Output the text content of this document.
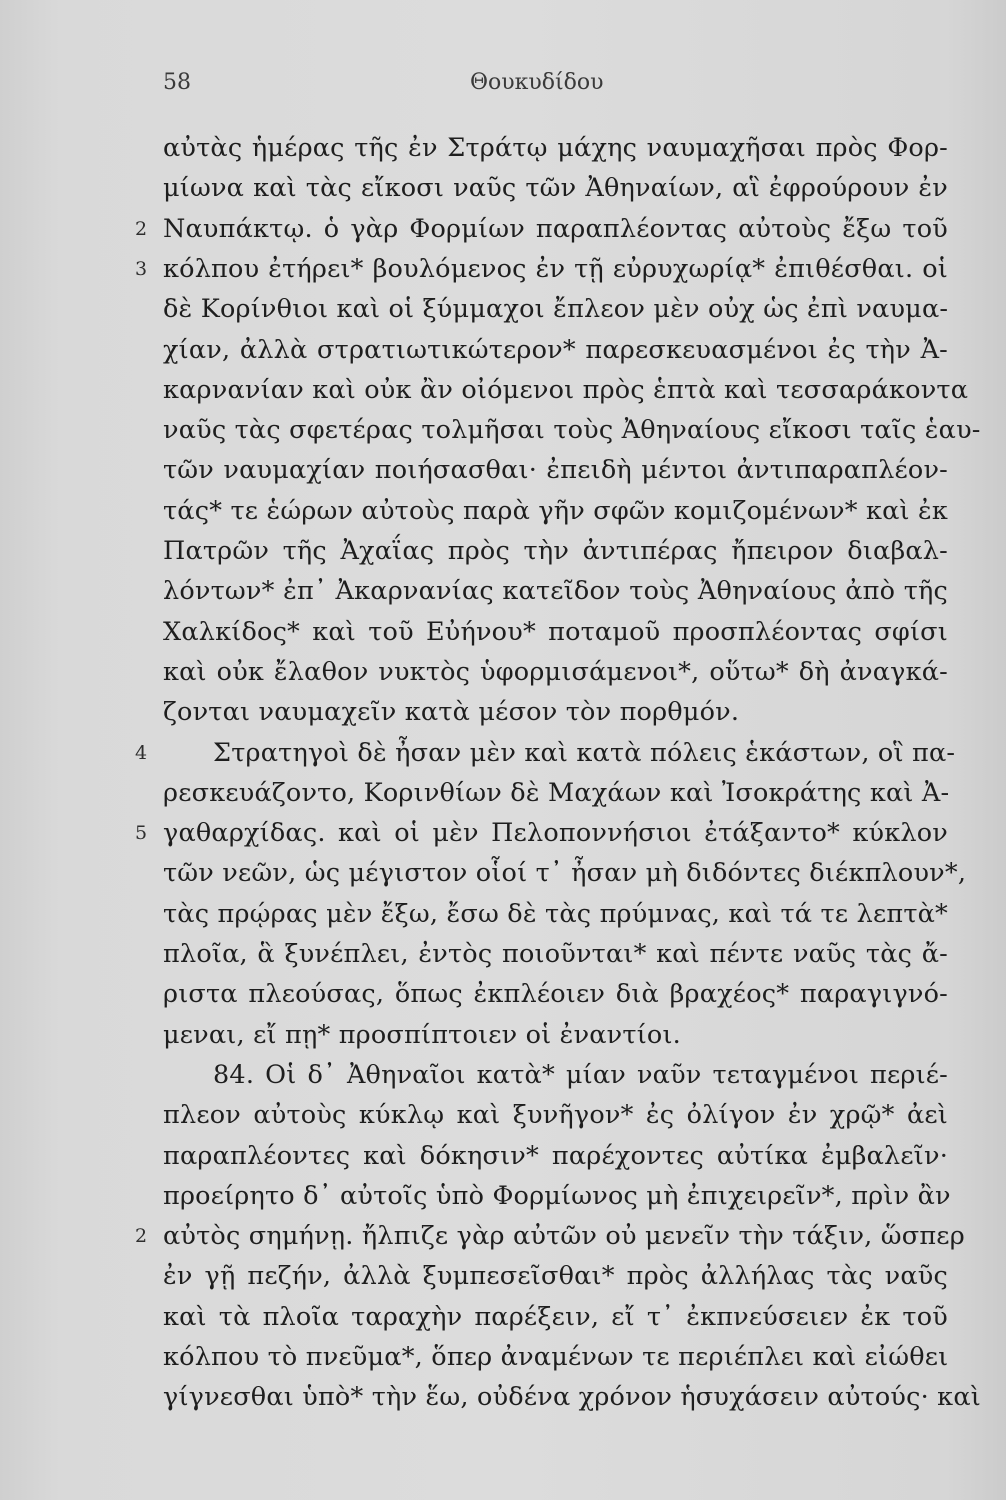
58	Θουκυδίδου
αὐτὰς ἡμέρας τῆς ἐν Στράτῳ μάχης ναυμαχῆσαι πρὸς Φορ-
μίωνα καὶ τὰς εἴκοσι ναῦς τῶν Ἀθηναίων, αἳ ἐφρούρουν ἐν
2 Ναυπάκτῳ. ὁ γὰρ Φορμίων παραπλέοντας αὐτοὺς ἔξω τοῦ
3 κόλπου ἐτήρει* βουλόμενος ἐν τῇ εὐρυχωρίᾳ* ἐπιθέσθαι. οἱ
δὲ Κορίνθιοι καὶ οἱ ξύμμαχοι ἔπλεον μὲν οὐχ ὡς ἐπὶ ναυμα-
χίαν, ἀλλὰ στρατιωτικώτερον* παρεσκευασμένοι ἐς τὴν Ἀ-
καρνανίαν καὶ οὐκ ἂν οἰόμενοι πρὸς ἑπτὰ καὶ τεσσαράκοντα
ναῦς τὰς σφετέρας τολμῆσαι τοὺς Ἀθηναίους εἴκοσι ταῖς ἑαυ-
τῶν ναυμαχίαν ποιήσασθαι· ἐπειδὴ μέντοι ἀντιπαραπλέον-
τάς* τε ἑώρων αὐτοὺς παρὰ γῆν σφῶν κομιζομένων* καὶ ἐκ
Πατρῶν τῆς Ἀχαΐας πρὸς τὴν ἀντιπέρας ἤπειρον διαβαλ-
λόντων* ἐπ᾽ Ἀκαρνανίας κατεῖδον τοὺς Ἀθηναίους ἀπὸ τῆς
Χαλκίδος* καὶ τοῦ Εὐήνου* ποταμοῦ προσπλέοντας σφίσι
καὶ οὐκ ἔλαθον νυκτὸς ὑφορμισάμενοι*, οὕτω* δὴ ἀναγκά-
ζονται ναυμαχεῖν κατὰ μέσον τὸν πορθμόν.
4	Στρατηγοὶ δὲ ἦσαν μὲν καὶ κατὰ πόλεις ἑκάστων, οἳ πα-
ρεσκευάζοντο, Κορινθίων δὲ Μαχάων καὶ Ἰσοκράτης καὶ Ἀ-
5 γαθαρχίδας. καὶ οἱ μὲν Πελοποννήσιοι ἐτάξαντο* κύκλον
τῶν νεῶν, ὡς μέγιστον οἷοί τ᾽ ἦσαν μὴ διδόντες διέκπλουν*,
τὰς πρῴρας μὲν ἔξω, ἔσω δὲ τὰς πρύμνας, καὶ τά τε λεπτὰ*
πλοῖα, ἃ ξυνέπλει, ἐντὸς ποιοῦνται* καὶ πέντε ναῦς τὰς ἄ-
ριστα πλεούσας, ὅπως ἐκπλέοιεν διὰ βραχέος* παραγιγνό-
μεναι, εἴ πῃ* προσπίπτοιεν οἱ ἐναντίοι.
84. Οἱ δ᾽ Ἀθηναῖοι κατὰ* μίαν ναῦν τεταγμένοι περιέ-
πλεον αὐτοὺς κύκλῳ καὶ ξυνῆγον* ἐς ὀλίγον ἐν χρῷ* ἀεὶ
παραπλέοντες καὶ δόκησιν* παρέχοντες αὐτίκα ἐμβαλεῖν·
προείρητο δ᾽ αὐτοῖς ὑπὸ Φορμίωνος μὴ ἐπιχειρεῖν*, πρὶν ἂν
2 αὐτὸς σημήνῃ. ἤλπιζε γὰρ αὐτῶν οὐ μενεῖν τὴν τάξιν, ὥσπερ
ἐν γῇ πεζήν, ἀλλὰ ξυμπεσεῖσθαι* πρὸς ἀλλήλας τὰς ναῦς
καὶ τὰ πλοῖα ταραχὴν παρέξειν, εἴ τ᾽ ἐκπνεύσειεν ἐκ τοῦ
κόλπου τὸ πνεῦμα*, ὅπερ ἀναμένων τε περιέπλει καὶ εἰώθει
γίγνεσθαι ὑπὸ* τὴν ἕω, οὐδένα χρόνον ἡσυχάσειν αὐτούς· καὶ
